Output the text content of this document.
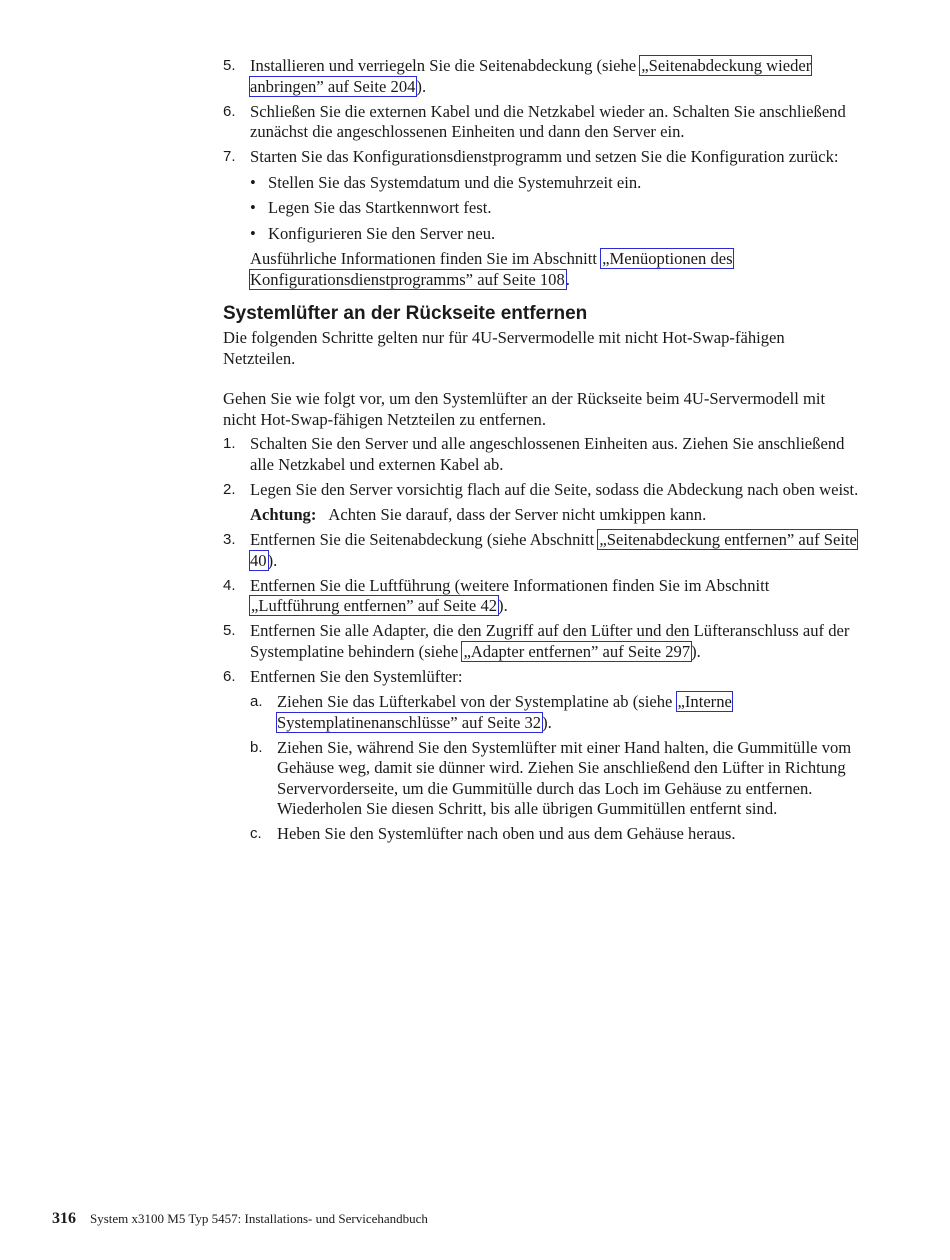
5. Installieren und verriegeln Sie die Seitenabdeckung (siehe „Seitenabdeckung wieder anbringen” auf Seite 204).
6. Schließen Sie die externen Kabel und die Netzkabel wieder an. Schalten Sie anschließend zunächst die angeschlossenen Einheiten und dann den Server ein.
7. Starten Sie das Konfigurationsdienstprogramm und setzen Sie die Konfiguration zurück:
• Stellen Sie das Systemdatum und die Systemuhrzeit ein.
• Legen Sie das Startkennwort fest.
• Konfigurieren Sie den Server neu.
Ausführliche Informationen finden Sie im Abschnitt „Menüoptionen des Konfigurationsdienstprogramms” auf Seite 108.
Systemlüfter an der Rückseite entfernen
Die folgenden Schritte gelten nur für 4U-Servermodelle mit nicht Hot-Swap-fähigen Netzteilen.
Gehen Sie wie folgt vor, um den Systemlüfter an der Rückseite beim 4U-Servermodell mit nicht Hot-Swap-fähigen Netzteilen zu entfernen.
1. Schalten Sie den Server und alle angeschlossenen Einheiten aus. Ziehen Sie anschließend alle Netzkabel und externen Kabel ab.
2. Legen Sie den Server vorsichtig flach auf die Seite, sodass die Abdeckung nach oben weist.
Achtung: Achten Sie darauf, dass der Server nicht umkippen kann.
3. Entfernen Sie die Seitenabdeckung (siehe Abschnitt „Seitenabdeckung entfernen” auf Seite 40).
4. Entfernen Sie die Luftführung (weitere Informationen finden Sie im Abschnitt „Luftführung entfernen” auf Seite 42).
5. Entfernen Sie alle Adapter, die den Zugriff auf den Lüfter und den Lüfteranschluss auf der Systemplatine behindern (siehe „Adapter entfernen” auf Seite 297).
6. Entfernen Sie den Systemlüfter:
a. Ziehen Sie das Lüfterkabel von der Systemplatine ab (siehe „Interne Systemplatinenanschlüsse” auf Seite 32).
b. Ziehen Sie, während Sie den Systemlüfter mit einer Hand halten, die Gummitülle vom Gehäuse weg, damit sie dünner wird. Ziehen Sie anschließend den Lüfter in Richtung Servervorderseite, um die Gummitülle durch das Loch im Gehäuse zu entfernen. Wiederholen Sie diesen Schritt, bis alle übrigen Gummitüllen entfernt sind.
c. Heben Sie den Systemlüfter nach oben und aus dem Gehäuse heraus.
316 System x3100 M5 Typ 5457: Installations- und Servicehandbuch
